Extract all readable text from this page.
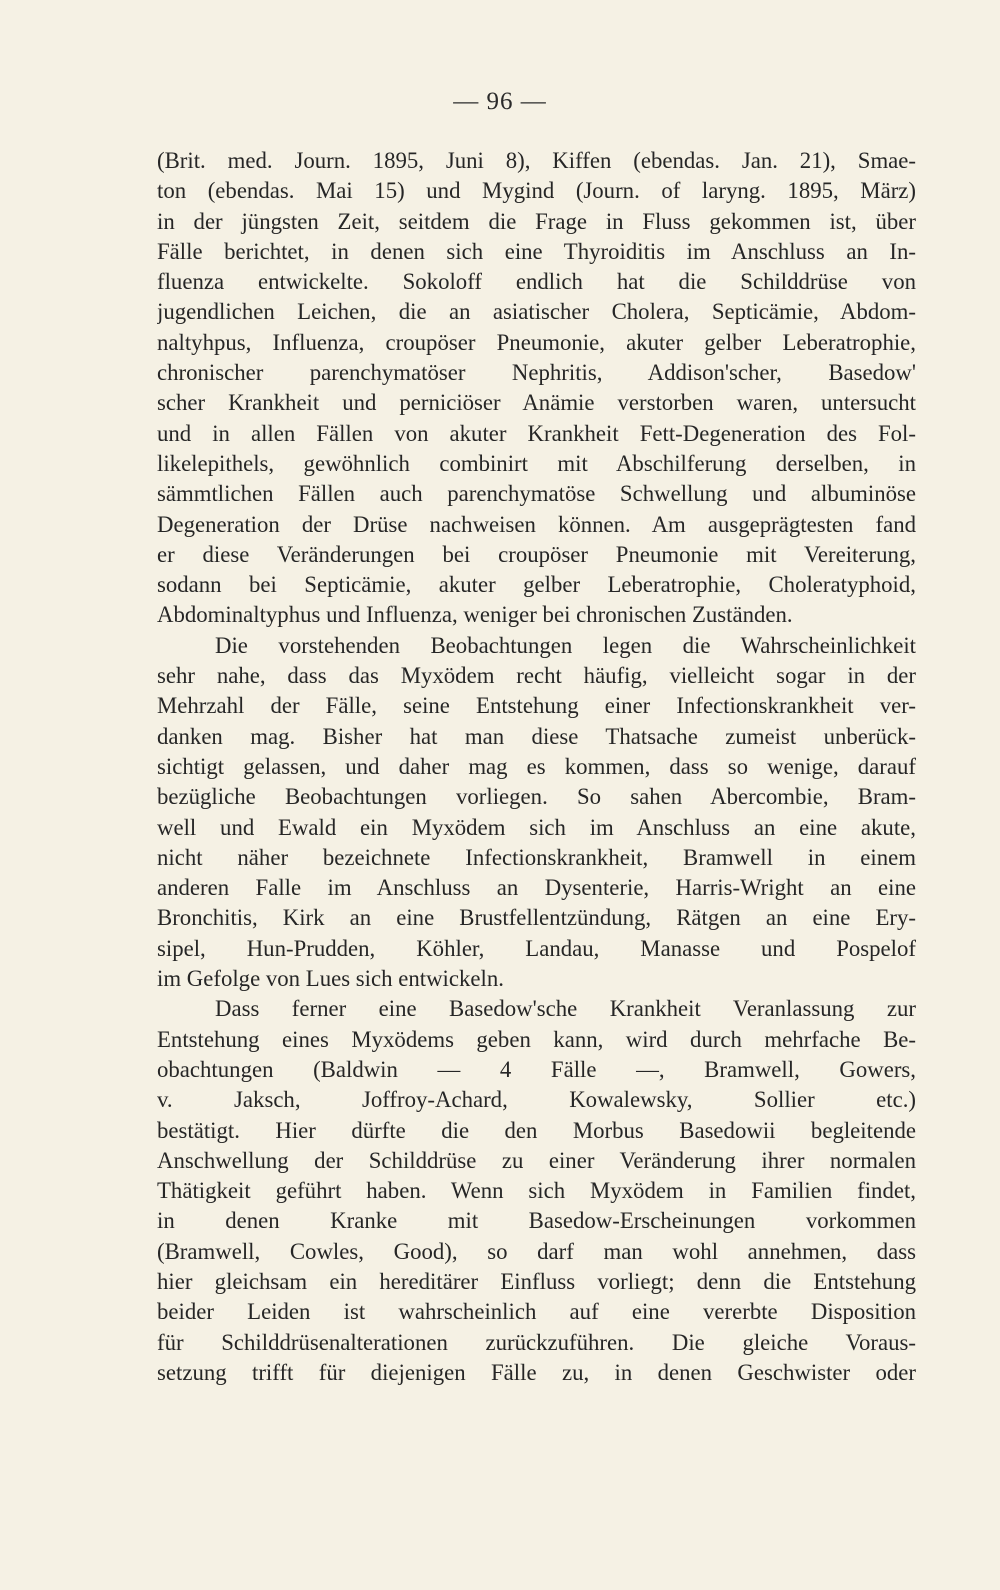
— 96 —
(Brit. med. Journ. 1895, Juni 8), Kiffen (ebendas. Jan. 21), Smae-
ton (ebendas. Mai 15) und Mygind (Journ. of laryng. 1895, März)
in der jüngsten Zeit, seitdem die Frage in Fluss gekommen ist, über
Fälle berichtet, in denen sich eine Thyroiditis im Anschluss an In-
fluenza entwickelte. Sokoloff endlich hat die Schilddrüse von
jugendlichen Leichen, die an asiatischer Cholera, Septicämie, Abdom-
naltyhpus, Influenza, croupöser Pneumonie, akuter gelber Leberatrophie,
chronischer parenchymatöser Nephritis, Addison'scher, Basedow'
scher Krankheit und perniciöser Anämie verstorben waren, untersucht
und in allen Fällen von akuter Krankheit Fett-Degeneration des Fol-
likelepithels, gewöhnlich combinirt mit Abschilferung derselben, in
sämmtlichen Fällen auch parenchymatöse Schwellung und albuminöse
Degeneration der Drüse nachweisen können. Am ausgeprägtesten fand
er diese Veränderungen bei croupöser Pneumonie mit Vereiterung,
sodann bei Septicämie, akuter gelber Leberatrophie, Choleratyphoid,
Abdominaltyphus und Influenza, weniger bei chronischen Zuständen.
Die vorstehenden Beobachtungen legen die Wahrscheinlichkeit
sehr nahe, dass das Myxödem recht häufig, vielleicht sogar in der
Mehrzahl der Fälle, seine Entstehung einer Infectionskrankheit ver-
danken mag. Bisher hat man diese Thatsache zumeist unberück-
sichtigt gelassen, und daher mag es kommen, dass so wenige, darauf
bezügliche Beobachtungen vorliegen. So sahen Abercombie, Bram-
well und Ewald ein Myxödem sich im Anschluss an eine akute,
nicht näher bezeichnete Infectionskrankheit, Bramwell in einem
anderen Falle im Anschluss an Dysenterie, Harris-Wright an eine
Bronchitis, Kirk an eine Brustfellentzündung, Rätgen an eine Ery-
sipel, Hun-Prudden, Köhler, Landau, Manasse und Pospelof
im Gefolge von Lues sich entwickeln.
Dass ferner eine Basedow'sche Krankheit Veranlassung zur
Entstehung eines Myxödems geben kann, wird durch mehrfache Be-
obachtungen (Baldwin — 4 Fälle —, Bramwell, Gowers,
v. Jaksch, Joffroy-Achard, Kowalewsky, Sollier etc.)
bestätigt. Hier dürfte die den Morbus Basedowii begleitende
Anschwellung der Schilddrüse zu einer Veränderung ihrer normalen
Thätigkeit geführt haben. Wenn sich Myxödem in Familien findet,
in denen Kranke mit Basedow-Erscheinungen vorkommen
(Bramwell, Cowles, Good), so darf man wohl annehmen, dass
hier gleichsam ein hereditärer Einfluss vorliegt; denn die Entstehung
beider Leiden ist wahrscheinlich auf eine vererbte Disposition
für Schilddrüsenalterationen zurückzuführen. Die gleiche Voraus-
setzung trifft für diejenigen Fälle zu, in denen Geschwister oder
